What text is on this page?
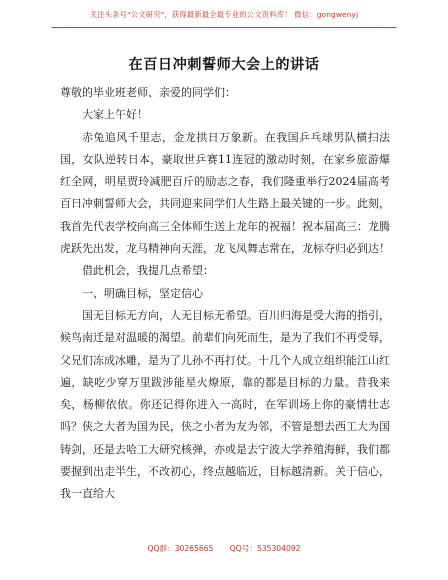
关注头条号"公文研究"，获得最新最全最专业的公文资料库！ 微信：gongwenyj
在百日冲刺誓师大会上的讲话

尊敬的毕业班老师、亲爱的同学们：

大家上午好！

赤兔追风千里志，金龙拱日万象新。在我国乒乓球男队横扫法国，女队逆转日本，豪取世乒赛11连冠的激动时刻，在家乡旅游爆红全网，明星贾玲减肥百斤的励志之春，我们隆重举行2024届高考百日冲刺誓师大会，共同迎来同学们人生路上最关键的一步。此刻，我首先代表学校向高三全体师生送上龙年的祝福！祝本届高三：龙腾虎跃先出发，龙马精神向天涯，龙飞凤舞志常在，龙标夺归必到达！

借此机会，我提几点希望：

一、明确目标，坚定信心

国无目标无方向，人无目标无希望。百川归海是受大海的指引，候鸟南迁是对温暖的渴望。前辈们向死而生，是为了我们不再受辱，父兄们冻成冰雕，是为了儿孙不再打仗。十几个人成立组织能江山红遍，缺吃少穿万里跋涉能星火燎原，靠的都是目标的力量。昔我来矣，杨柳依依。你还记得你进入一高时，在军训场上你的豪情壮志吗？侠之大者为国为民，侠之小者为友为邻，不管是想去西工大为国铸剑，还是去哈工大研究核弹，亦或是去宁波大学养殖海鲜，我们都要握到出走半生，不改初心，终点越临近，目标越清新。关于信心，我一直给大

QQ群：30265665 QQ号：535304092
